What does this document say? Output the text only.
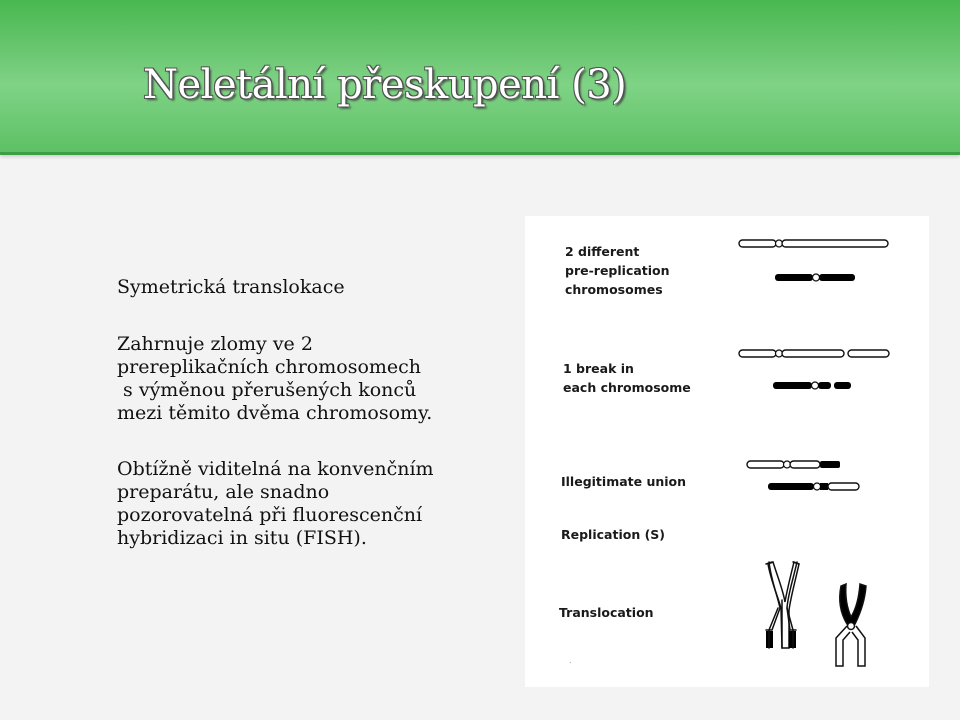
Neletální přeskupení (3)

Symetrická translokace

Zahrnuje zlomy ve 2

prereplikačních chromosomech

s výměnou přerušených konců

mezi těmito dvěma chromosomy.

Obtížně viditelná na konvenčním

preparátu, ale snadno

pozorovatelná při fluorescenční

hybridizaci in situ (FISH).

2 different
pre-replication
chromosomes
1 break in
each chromosome
Illegitimate union
Replication (S)
Translocation
.
